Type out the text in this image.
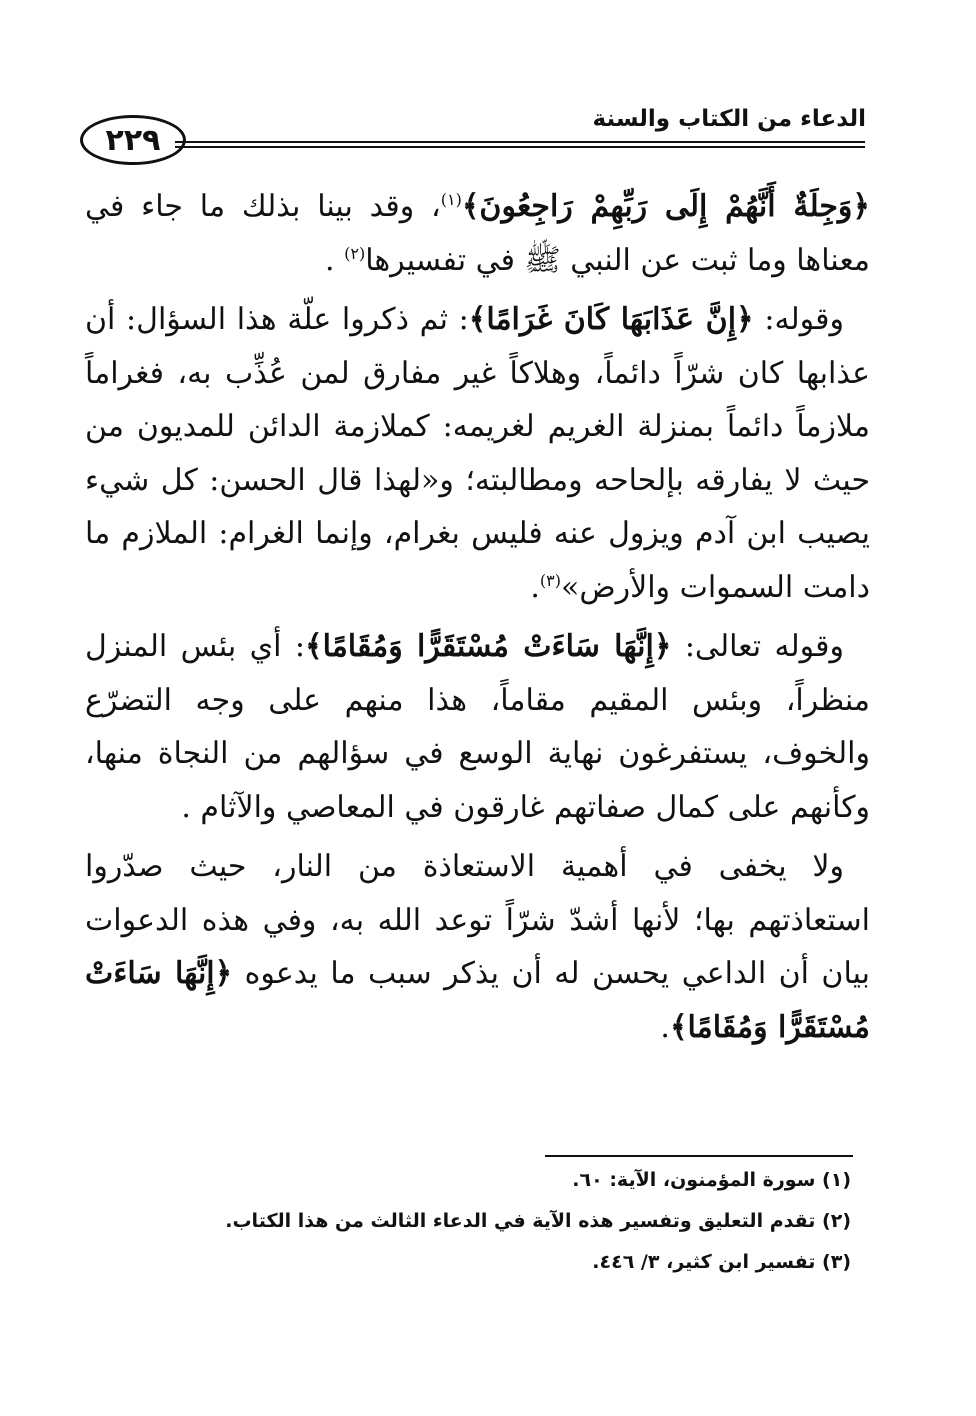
الدعاء من الكتاب والسنة
٢٢٩

﴿وَجِلَةٌ أَنَّهُمْ إِلَى رَبِّهِمْ رَاجِعُونَ﴾$^{(١)}$، وقد بينا بذلك ما جاء في معناها وما ثبت عن النبي ﷺ في تفسيرها$^{(٢)}$ .

وقوله: ﴿إِنَّ عَذَابَهَا كَانَ غَرَامًا﴾: ثم ذكروا علّة هذا السؤال: أن عذابها كان شرّاً دائماً، وهلاكاً غير مفارق لمن عُذِّب به، فغراماً ملازماً دائماً بمنزلة الغريم لغريمه: كملازمة الدائن للمديون من حيث لا يفارقه بإلحاحه ومطالبته؛ و«لهذا قال الحسن: كل شيء يصيب ابن آدم ويزول عنه فليس بغرام، وإنما الغرام: الملازم ما دامت السموات والأرض»$^{(٣)}$.

وقوله تعالى: ﴿إِنَّهَا سَاءَتْ مُسْتَقَرًّا وَمُقَامًا﴾: أي بئس المنزل منظراً، وبئس المقيم مقاماً، هذا منهم على وجه التضرّع والخوف، يستفرغون نهاية الوسع في سؤالهم من النجاة منها، وكأنهم على كمال صفاتهم غارقون في المعاصي والآثام .

ولا يخفى في أهمية الاستعاذة من النار، حيث صدّروا استعاذتهم بها؛ لأنها أشدّ شرّاً توعد الله به، وفي هذه الدعوات بيان أن الداعي يحسن له أن يذكر سبب ما يدعوه ﴿إِنَّهَا سَاءَتْ مُسْتَقَرًّا وَمُقَامًا﴾.

(١) سورة المؤمنون، الآية: ٦٠.
(٢) تقدم التعليق وتفسير هذه الآية في الدعاء الثالث من هذا الكتاب.
(٣) تفسير ابن كثير، ٣/ ٤٤٦.
